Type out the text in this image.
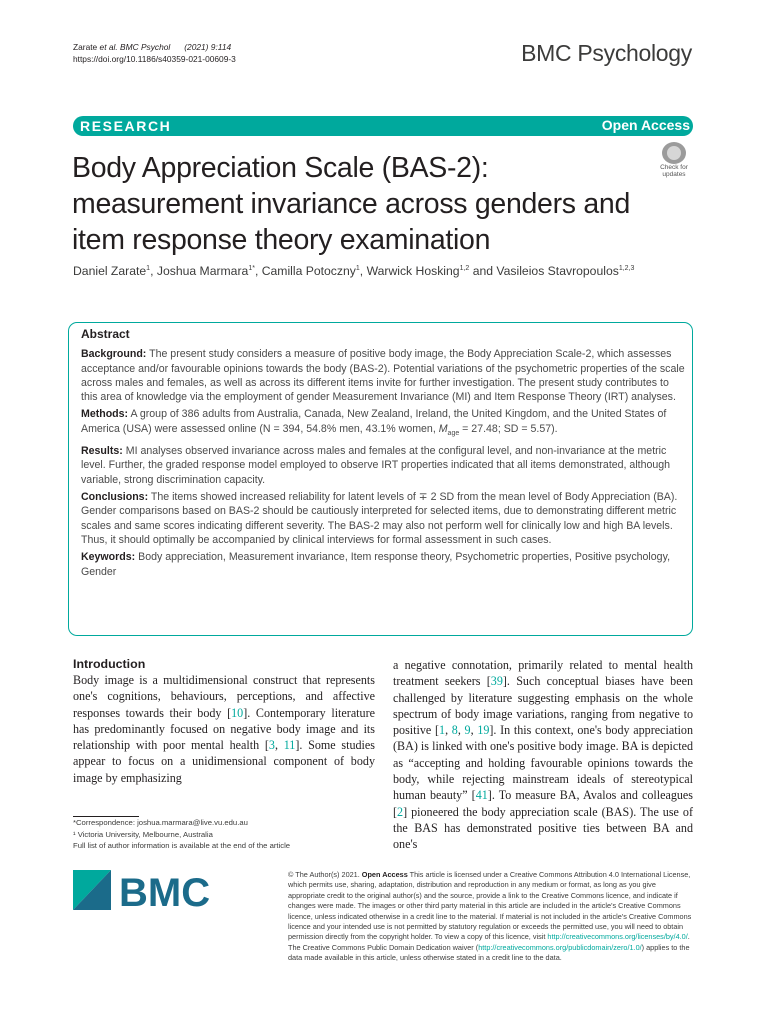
Zarate et al. BMC Psychol (2021) 9:114
https://doi.org/10.1186/s40359-021-00609-3	BMC Psychology
RESEARCH	Open Access
Check for
updates
Body Appreciation Scale (BAS-2): measurement invariance across genders and item response theory examination
Daniel Zarate$^1$, Joshua Marmara$^{1*}$, Camilla Potoczny$^1$, Warwick Hosking$^{1,2}$ and Vasileios Stavropoulos$^{1,2,3}$
Abstract

Background: The present study considers a measure of positive body image, the Body Appreciation Scale-2, which assesses acceptance and/or favourable opinions towards the body (BAS-2). Potential variations of the psychometric properties of the scale across males and females, as well as across its different items invite for further investigation. The present study contributes to this area of knowledge via the employment of gender Measurement Invariance (MI) and Item Response Theory (IRT) analyses.

Methods: A group of 386 adults from Australia, Canada, New Zealand, Ireland, the United Kingdom, and the United States of America (USA) were assessed online (N = 394, 54.8% men, 43.1% women, $M_{age} = 27.48$; SD = 5.57).

Results: MI analyses observed invariance across males and females at the configural level, and non-invariance at the metric level. Further, the graded response model employed to observe IRT properties indicated that all items demonstrated, although variable, strong discrimination capacity.

Conclusions: The items showed increased reliability for latent levels of ∓ 2 SD from the mean level of Body Appreciation (BA). Gender comparisons based on BAS-2 should be cautiously interpreted for selected items, due to demonstrating different metric scales and same scores indicating different severity. The BAS-2 may also not perform well for clinically low and high BA levels. Thus, it should optimally be accompanied by clinical interviews for formal assessment in such cases.

Keywords: Body appreciation, Measurement invariance, Item response theory, Psychometric properties, Positive psychology, Gender

Introduction

Body image is a multidimensional construct that represents one's cognitions, behaviours, perceptions, and affective responses towards their body [10]. Contemporary literature has predominantly focused on negative body image and its relationship with poor mental health [3, 11]. Some studies appear to focus on a unidimensional component of body image by emphasizing

a negative connotation, primarily related to mental health treatment seekers [39]. Such conceptual biases have been challenged by literature suggesting emphasis on the whole spectrum of body image variations, ranging from negative to positive [1, 8, 9, 19]. In this context, one's body appreciation (BA) is linked with one's positive body image. BA is depicted as “accepting and holding favourable opinions towards the body, while rejecting mainstream ideals of stereotypical human beauty” [41]. To measure BA, Avalos and colleagues [2] pioneered the body appreciation scale (BAS). The use of the BAS has demonstrated positive ties between BA and one's

*Correspondence: joshua.marmara@live.vu.edu.au
¹ Victoria University, Melbourne, Australia
Full list of author information is available at the end of the article
BMC	© The Author(s) 2021. Open Access This article is licensed under a Creative Commons Attribution 4.0 International License, which permits use, sharing, adaptation, distribution and reproduction in any medium or format, as long as you give appropriate credit to the original author(s) and the source, provide a link to the Creative Commons licence, and indicate if changes were made. The images or other third party material in this article are included in the article's Creative Commons licence, unless indicated otherwise in a credit line to the material. If material is not included in the article's Creative Commons licence and your intended use is not permitted by statutory regulation or exceeds the permitted use, you will need to obtain permission directly from the copyright holder. To view a copy of this licence, visit http://creativecommons.org/licenses/by/4.0/. The Creative Commons Public Domain Dedication waiver (http://creativecommons.org/publicdomain/zero/1.0/) applies to the data made available in this article, unless otherwise stated in a credit line to the data.
